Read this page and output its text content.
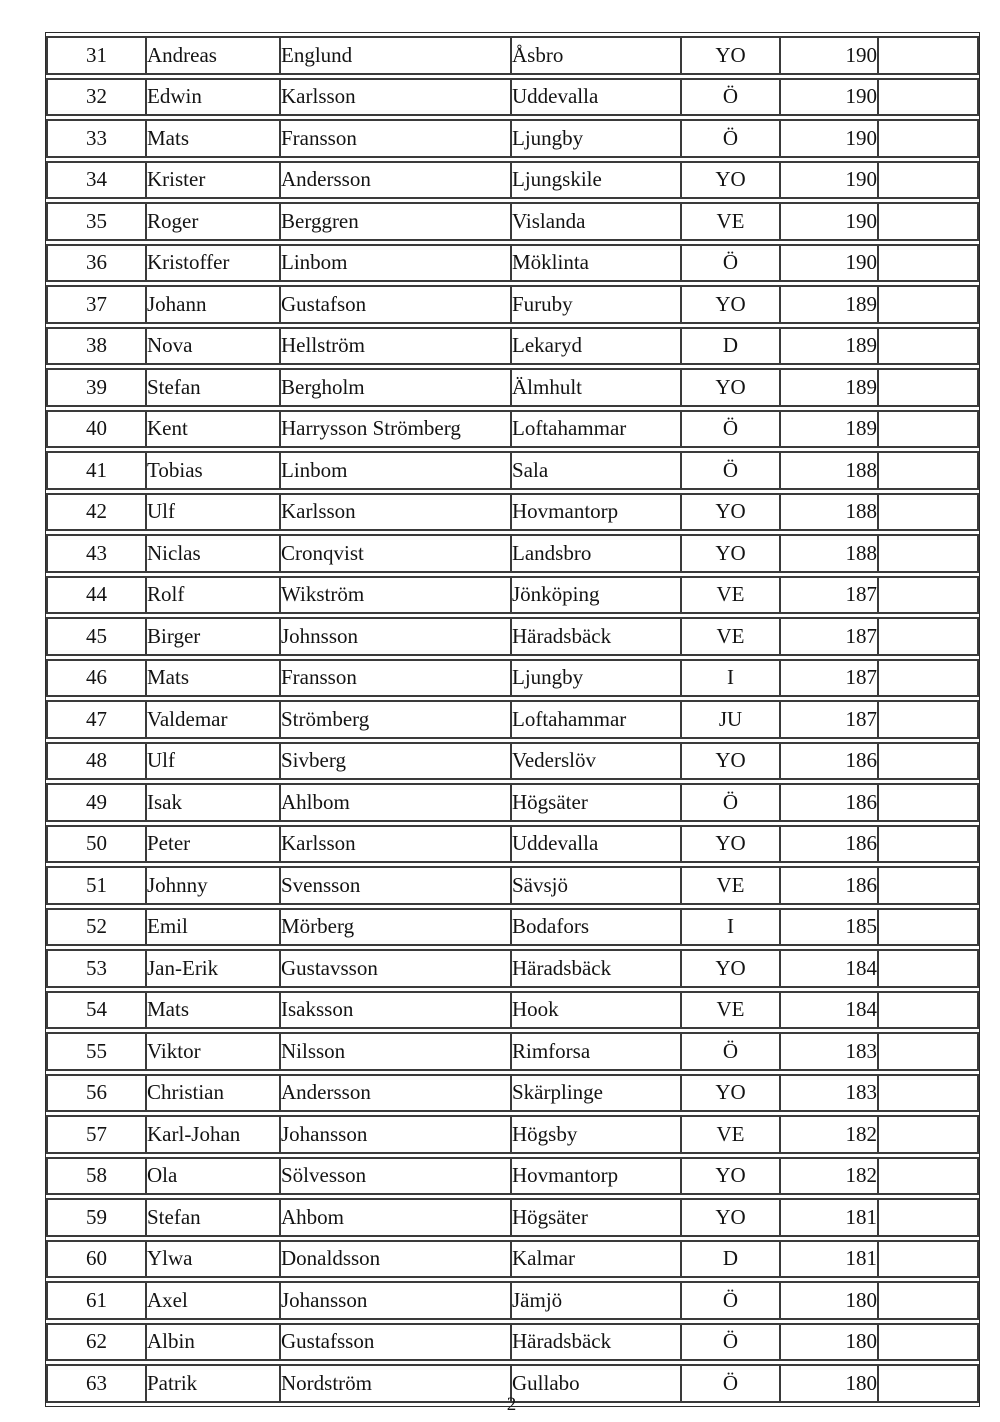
31	Andreas	Englund	Åsbro	YO	190	
32	Edwin	Karlsson	Uddevalla	Ö	190	
33	Mats	Fransson	Ljungby	Ö	190	
34	Krister	Andersson	Ljungskile	YO	190	
35	Roger	Berggren	Vislanda	VE	190	
36	Kristoffer	Linbom	Möklinta	Ö	190	
37	Johann	Gustafson	Furuby	YO	189	
38	Nova	Hellström	Lekaryd	D	189	
39	Stefan	Bergholm	Älmhult	YO	189	
40	Kent	Harrysson Strömberg	Loftahammar	Ö	189	
41	Tobias	Linbom	Sala	Ö	188	
42	Ulf	Karlsson	Hovmantorp	YO	188	
43	Niclas	Cronqvist	Landsbro	YO	188	
44	Rolf	Wikström	Jönköping	VE	187	
45	Birger	Johnsson	Häradsbäck	VE	187	
46	Mats	Fransson	Ljungby	I	187	
47	Valdemar	Strömberg	Loftahammar	JU	187	
48	Ulf	Sivberg	Vederslöv	YO	186	
49	Isak	Ahlbom	Högsäter	Ö	186	
50	Peter	Karlsson	Uddevalla	YO	186	
51	Johnny	Svensson	Sävsjö	VE	186	
52	Emil	Mörberg	Bodafors	I	185	
53	Jan-Erik	Gustavsson	Häradsbäck	YO	184	
54	Mats	Isaksson	Hook	VE	184	
55	Viktor	Nilsson	Rimforsa	Ö	183	
56	Christian	Andersson	Skärplinge	YO	183	
57	Karl-Johan	Johansson	Högsby	VE	182	
58	Ola	Sölvesson	Hovmantorp	YO	182	
59	Stefan	Ahbom	Högsäter	YO	181	
60	Ylwa	Donaldsson	Kalmar	D	181	
61	Axel	Johansson	Jämjö	Ö	180	
62	Albin	Gustafsson	Häradsbäck	Ö	180	
63	Patrik	Nordström	Gullabo	Ö	180	
2
